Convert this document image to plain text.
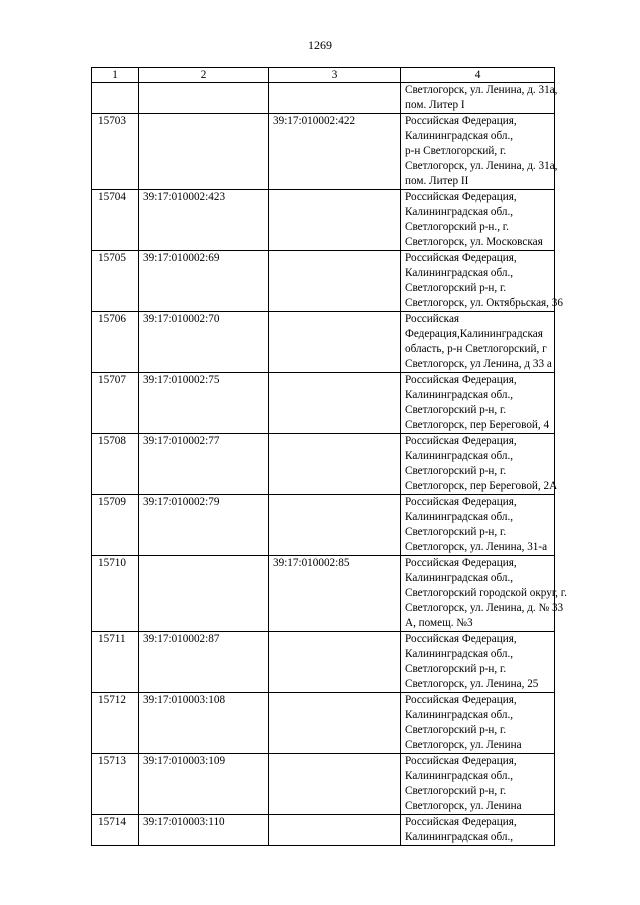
1269
1	2	3	4

			Светлогорск, ул. Ленина, д. 31а,
пом. Литер I

15703		39:17:010002:422	Российская Федерация,
Калининградская обл.,
р-н Светлогорский, г.
Светлогорск, ул. Ленина, д. 31а,
пом. Литер II

15704	39:17:010002:423		Российская Федерация,
Калининградская обл.,
Светлогорский р-н., г.
Светлогорск, ул. Московская

15705	39:17:010002:69		Российская Федерация,
Калининградская обл.,
Светлогорский р-н, г.
Светлогорск, ул. Октябрьская, 36

15706	39:17:010002:70		Российская
Федерация,Калининградская
область, р-н Светлогорский, г
Светлогорск, ул Ленина, д 33 а

15707	39:17:010002:75		Российская Федерация,
Калининградская обл.,
Светлогорский р-н, г.
Светлогорск, пер Береговой, 4

15708	39:17:010002:77		Российская Федерация,
Калининградская обл.,
Светлогорский р-н, г.
Светлогорск, пер Береговой, 2А

15709	39:17:010002:79		Российская Федерация,
Калининградская обл.,
Светлогорский р-н, г.
Светлогорск, ул. Ленина, 31-а

15710		39:17:010002:85	Российская Федерация,
Калининградская обл.,
Светлогорский городской округ, г.
Светлогорск, ул. Ленина, д. № 33
А, помещ. №3

15711	39:17:010002:87		Российская Федерация,
Калининградская обл.,
Светлогорский р-н, г.
Светлогорск, ул. Ленина, 25

15712	39:17:010003:108		Российская Федерация,
Калининградская обл.,
Светлогорский р-н, г.
Светлогорск, ул. Ленина

15713	39:17:010003:109		Российская Федерация,
Калининградская обл.,
Светлогорский р-н, г.
Светлогорск, ул. Ленина

15714	39:17:010003:110		Российская Федерация,
Калининградская обл.,
